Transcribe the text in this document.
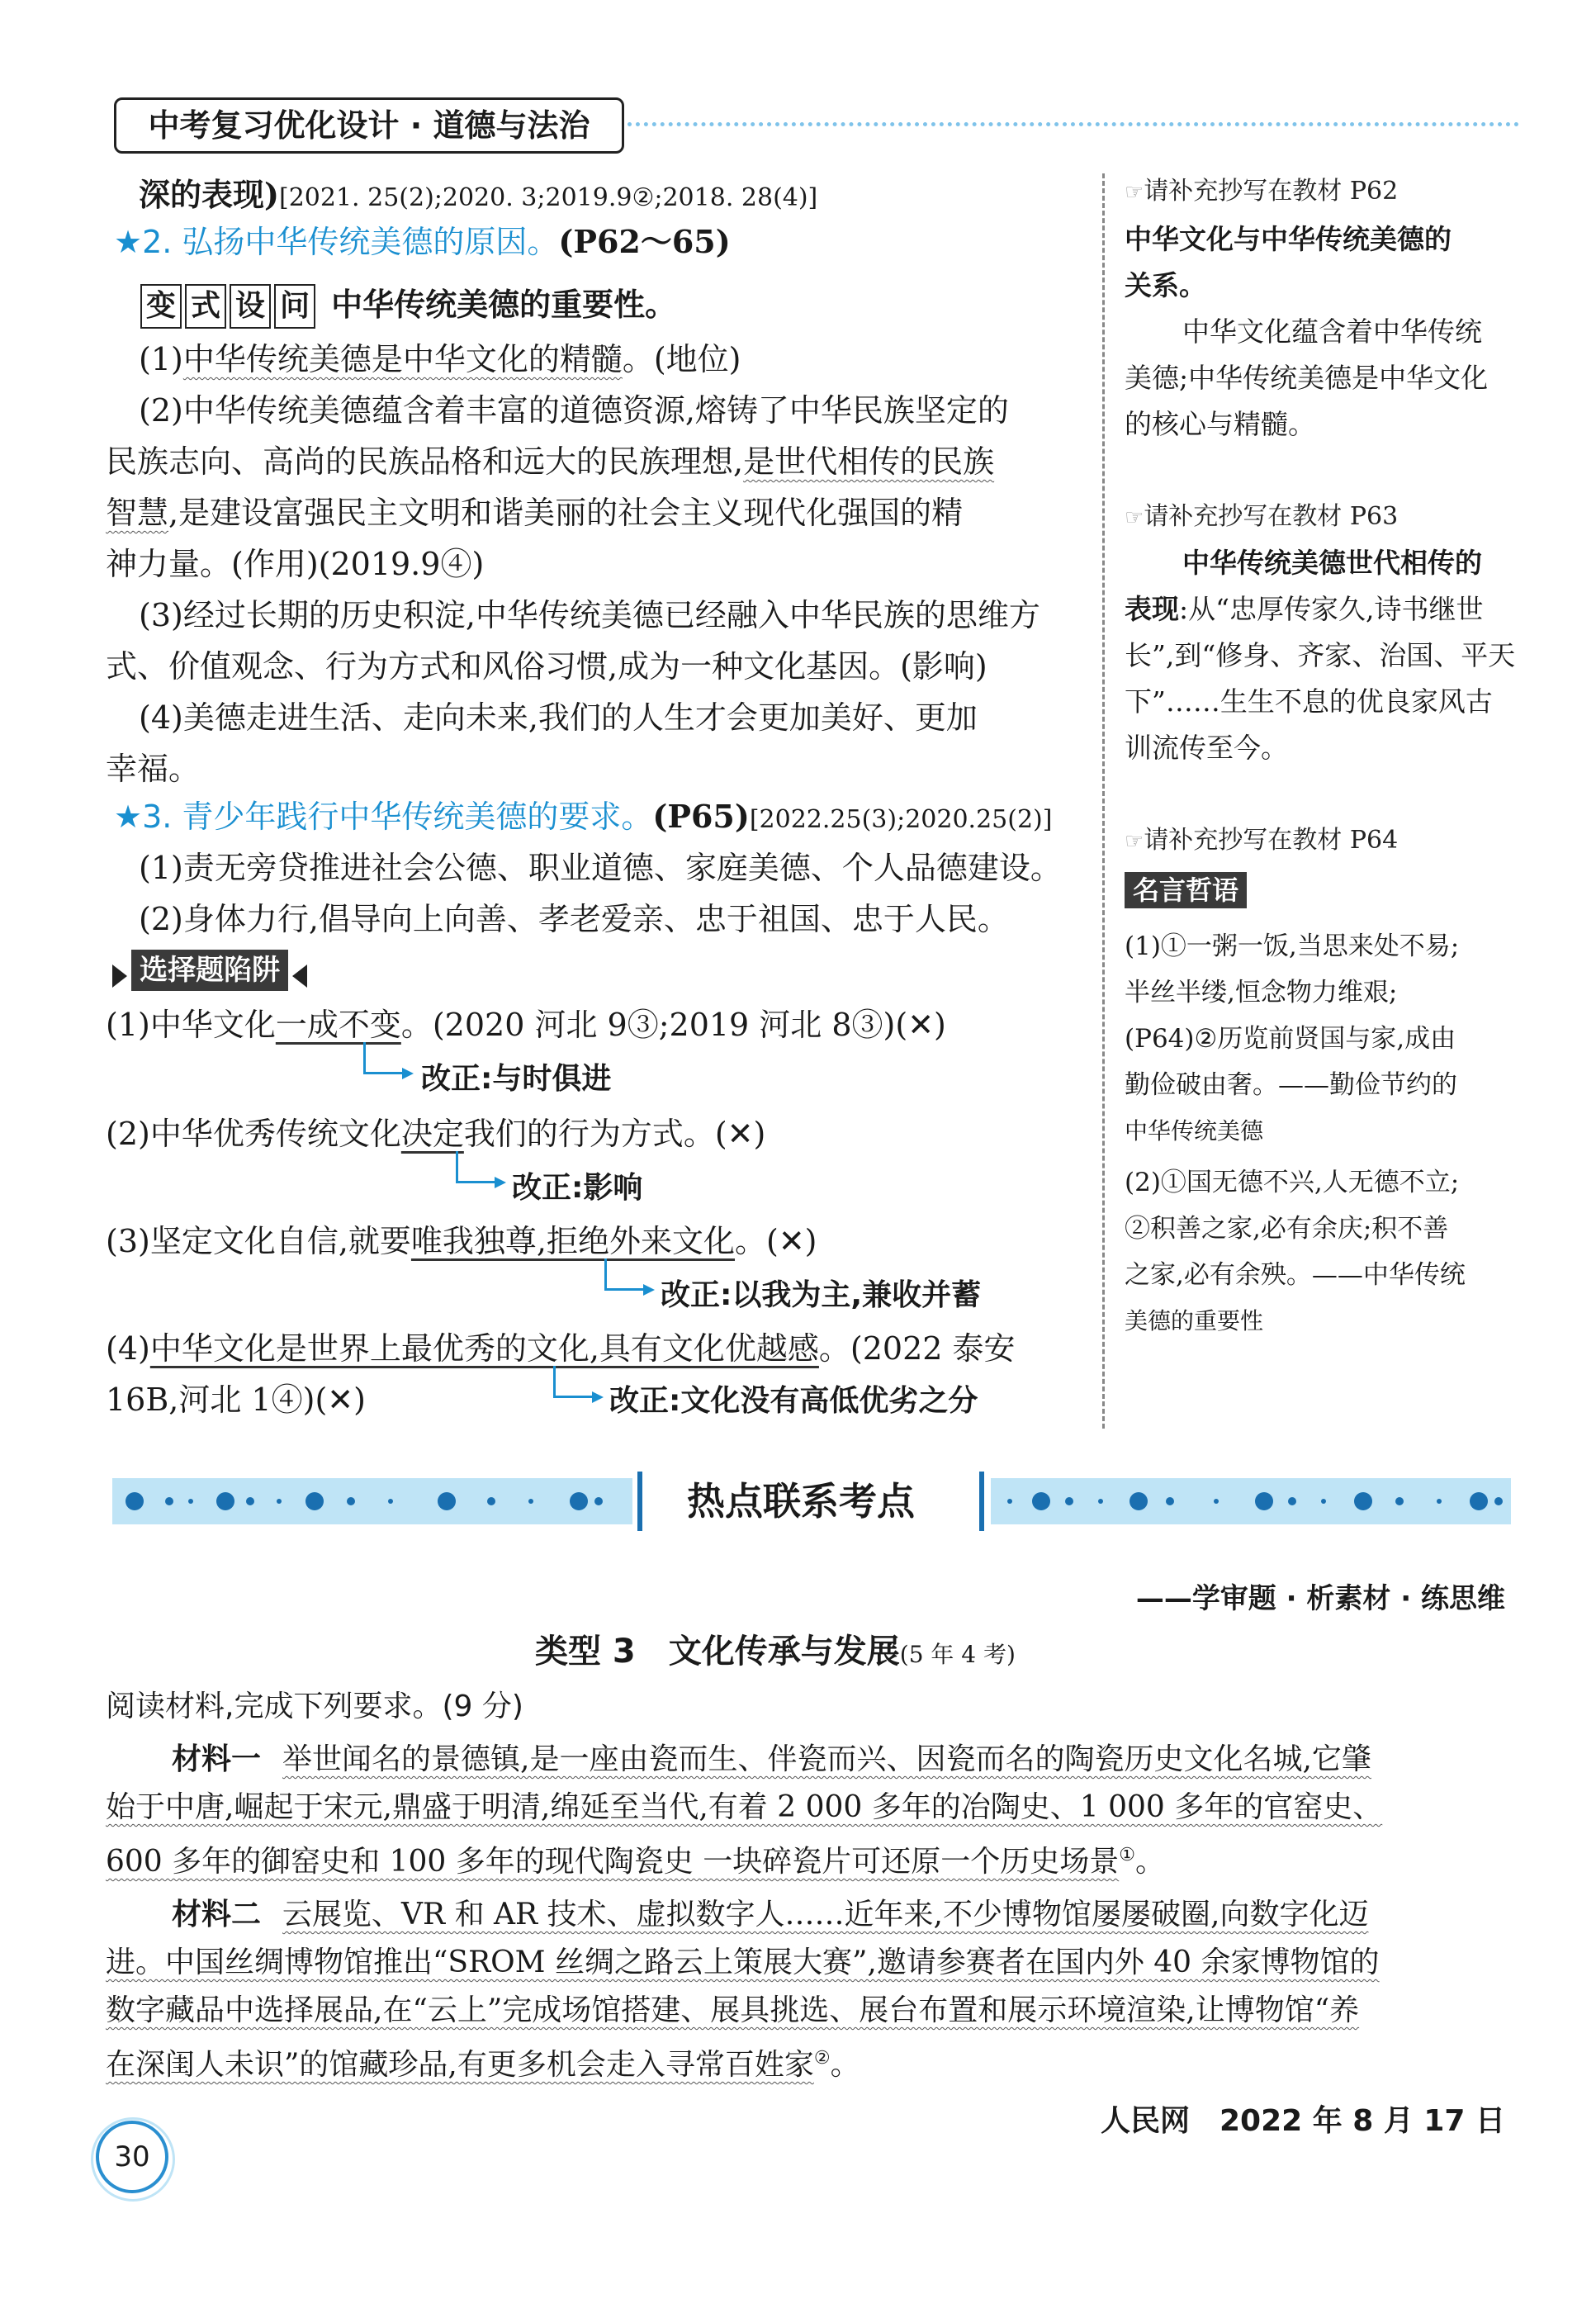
中考复习优化设计 · 道德与法治
深的表现)[2021. 25(2);2020. 3;2019.9②;2018. 28(4)]
★2. 弘扬中华传统美德的原因。(P62～65)
变 式 设 问 中华传统美德的重要性。
(1)中华传统美德是中华文化的精髓。(地位)
(2)中华传统美德蕴含着丰富的道德资源,熔铸了中华民族坚定的
民族志向、高尚的民族品格和远大的民族理想,是世代相传的民族
智慧,是建设富强民主文明和谐美丽的社会主义现代化强国的精
神力量。(作用)(2019.9④)
(3)经过长期的历史积淀,中华传统美德已经融入中华民族的思维方
式、价值观念、行为方式和风俗习惯,成为一种文化基因。(影响)
(4)美德走进生活、走向未来,我们的人生才会更加美好、更加
幸福。
★3. 青少年践行中华传统美德的要求。(P65)[2022.25(3);2020.25(2)]
(1)责无旁贷推进社会公德、职业道德、家庭美德、个人品德建设。
(2)身体力行,倡导向上向善、孝老爱亲、忠于祖国、忠于人民。
选择题陷阱
(1)中华文化一成不变。(2020 河北 9③;2019 河北 8③)(✕)
改正:与时俱进
(2)中华优秀传统文化决定我们的行为方式。(✕)
改正:影响
(3)坚定文化自信,就要唯我独尊,拒绝外来文化。(✕)
改正:以我为主,兼收并蓄
(4)中华文化是世界上最优秀的文化,具有文化优越感。(2022 泰安
16B,河北 1④)(✕)	改正:文化没有高低优劣之分
☞请补充抄写在教材 P62
中华文化与中华传统美德的
关系。
中华文化蕴含着中华传统
美德;中华传统美德是中华文化
的核心与精髓。
☞请补充抄写在教材 P63
中华传统美德世代相传的
表现:从“忠厚传家久,诗书继世
长”,到“修身、齐家、治国、平天
下”……生生不息的优良家风古
训流传至今。
☞请补充抄写在教材 P64
名言哲语
(1)①一粥一饭,当思来处不易;
半丝半缕,恒念物力维艰;
(P64)②历览前贤国与家,成由
勤俭破由奢。——勤俭节约的
中华传统美德
(2)①国无德不兴,人无德不立;
②积善之家,必有余庆;积不善
之家,必有余殃。——中华传统
美德的重要性
热点联系考点
——学审题 · 析素材 · 练思维
类型 3　文化传承与发展(5 年 4 考)
阅读材料,完成下列要求。(9 分)
材料一 举世闻名的景德镇,是一座由瓷而生、伴瓷而兴、因瓷而名的陶瓷历史文化名城,它肇
始于中唐,崛起于宋元,鼎盛于明清,绵延至当代,有着 2 000 多年的冶陶史、1 000 多年的官窑史、
600 多年的御窑史和 100 多年的现代陶瓷史 一块碎瓷片可还原一个历史场景①。
材料二 云展览、VR 和 AR 技术、虚拟数字人……近年来,不少博物馆屡屡破圈,向数字化迈
进。中国丝绸博物馆推出“SROM 丝绸之路云上策展大赛”,邀请参赛者在国内外 40 余家博物馆的
数字藏品中选择展品,在“云上”完成场馆搭建、展具挑选、展台布置和展示环境渲染,让博物馆“养
在深闺人未识”的馆藏珍品,有更多机会走入寻常百姓家②。
人民网　2022 年 8 月 17 日
30
